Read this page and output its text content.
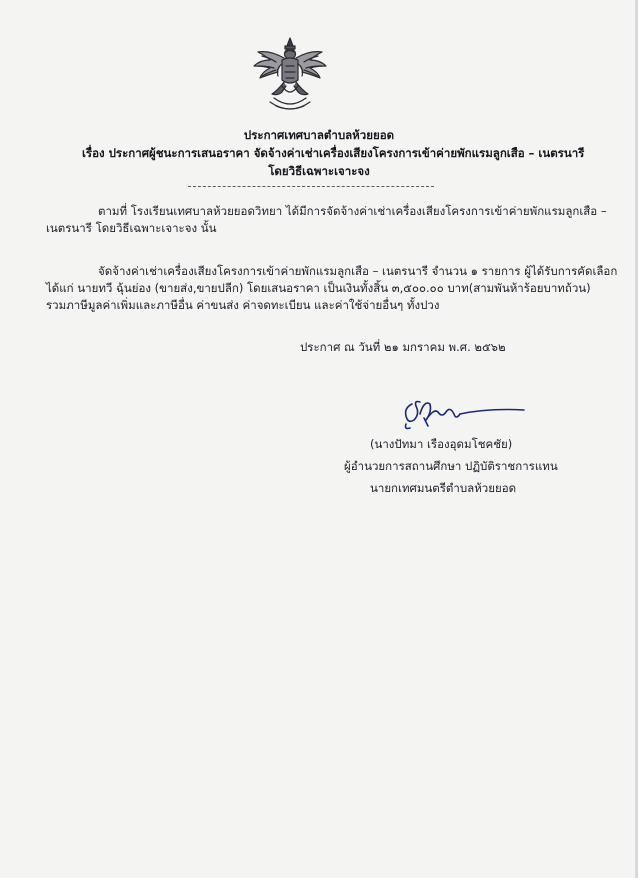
ประกาศเทศบาลตำบลห้วยยอด
เรื่อง ประกาศผู้ชนะการเสนอราคา จัดจ้างค่าเช่าเครื่องเสียงโครงการเข้าค่ายพักแรมลูกเสือ – เนตรนารี
โดยวิธีเฉพาะเจาะจง
ตามที่ โรงเรียนเทศบาลห้วยยอดวิทยา ได้มีการจัดจ้างค่าเช่าเครื่องเสียงโครงการเข้าค่ายพักแรมลูกเสือ –
เนตรนารี โดยวิธีเฉพาะเจาะจง นั้น
จัดจ้างค่าเช่าเครื่องเสียงโครงการเข้าค่ายพักแรมลูกเสือ – เนตรนารี จำนวน ๑ รายการ ผู้ได้รับการคัดเลือก
ได้แก่ นายทวี ฉุ้นย่อง (ขายส่ง,ขายปลีก) โดยเสนอราคา เป็นเงินทั้งสิ้น ๓,๕๐๐.๐๐ บาท(สามพันห้าร้อยบาทถ้วน)
รวมภาษีมูลค่าเพิ่มและภาษีอื่น ค่าขนส่ง ค่าจดทะเบียน และค่าใช้จ่ายอื่นๆ ทั้งปวง
ประกาศ ณ วันที่ ๒๑ มกราคม พ.ศ. ๒๕๖๒
(นางปัทมา เรืองอุดมโชคชัย)
ผู้อำนวยการสถานศึกษา ปฏิบัติราชการแทน
นายกเทศมนตรีตำบลห้วยยอด
